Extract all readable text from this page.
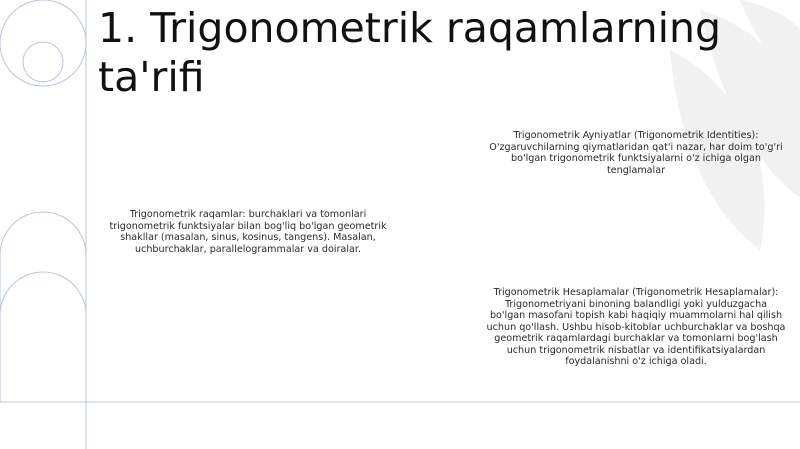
1. Trigonometrik raqamlarning ta'rifi
Trigonometrik raqamlar: burchaklari va tomonlari trigonometrik funktsiyalar bilan bog'liq bo'lgan geometrik shakllar (masalan, sinus, kosinus, tangens). Masalan, uchburchaklar, parallelogrammalar va doiralar.
Trigonometrik Ayniyatlar (Trigonometrik Identities): O'zgaruvchilarning qiymatlaridan qat'i nazar, har doim to'g'ri bo'lgan trigonometrik funktsiyalarni o'z ichiga olgan tenglamalar
Trigonometrik Hesaplamalar (Trigonometrik Hesaplamalar): Trigonometriyani binoning balandligi yoki yulduzgacha bo'lgan masofani topish kabi haqiqiy muammolarni hal qilish uchun qo'llash. Ushbu hisob-kitoblar uchburchaklar va boshqa geometrik raqamlardagi burchaklar va tomonlarni bog'lash uchun trigonometrik nisbatlar va identifikatsiyalardan foydalanishni o'z ichiga oladi.
